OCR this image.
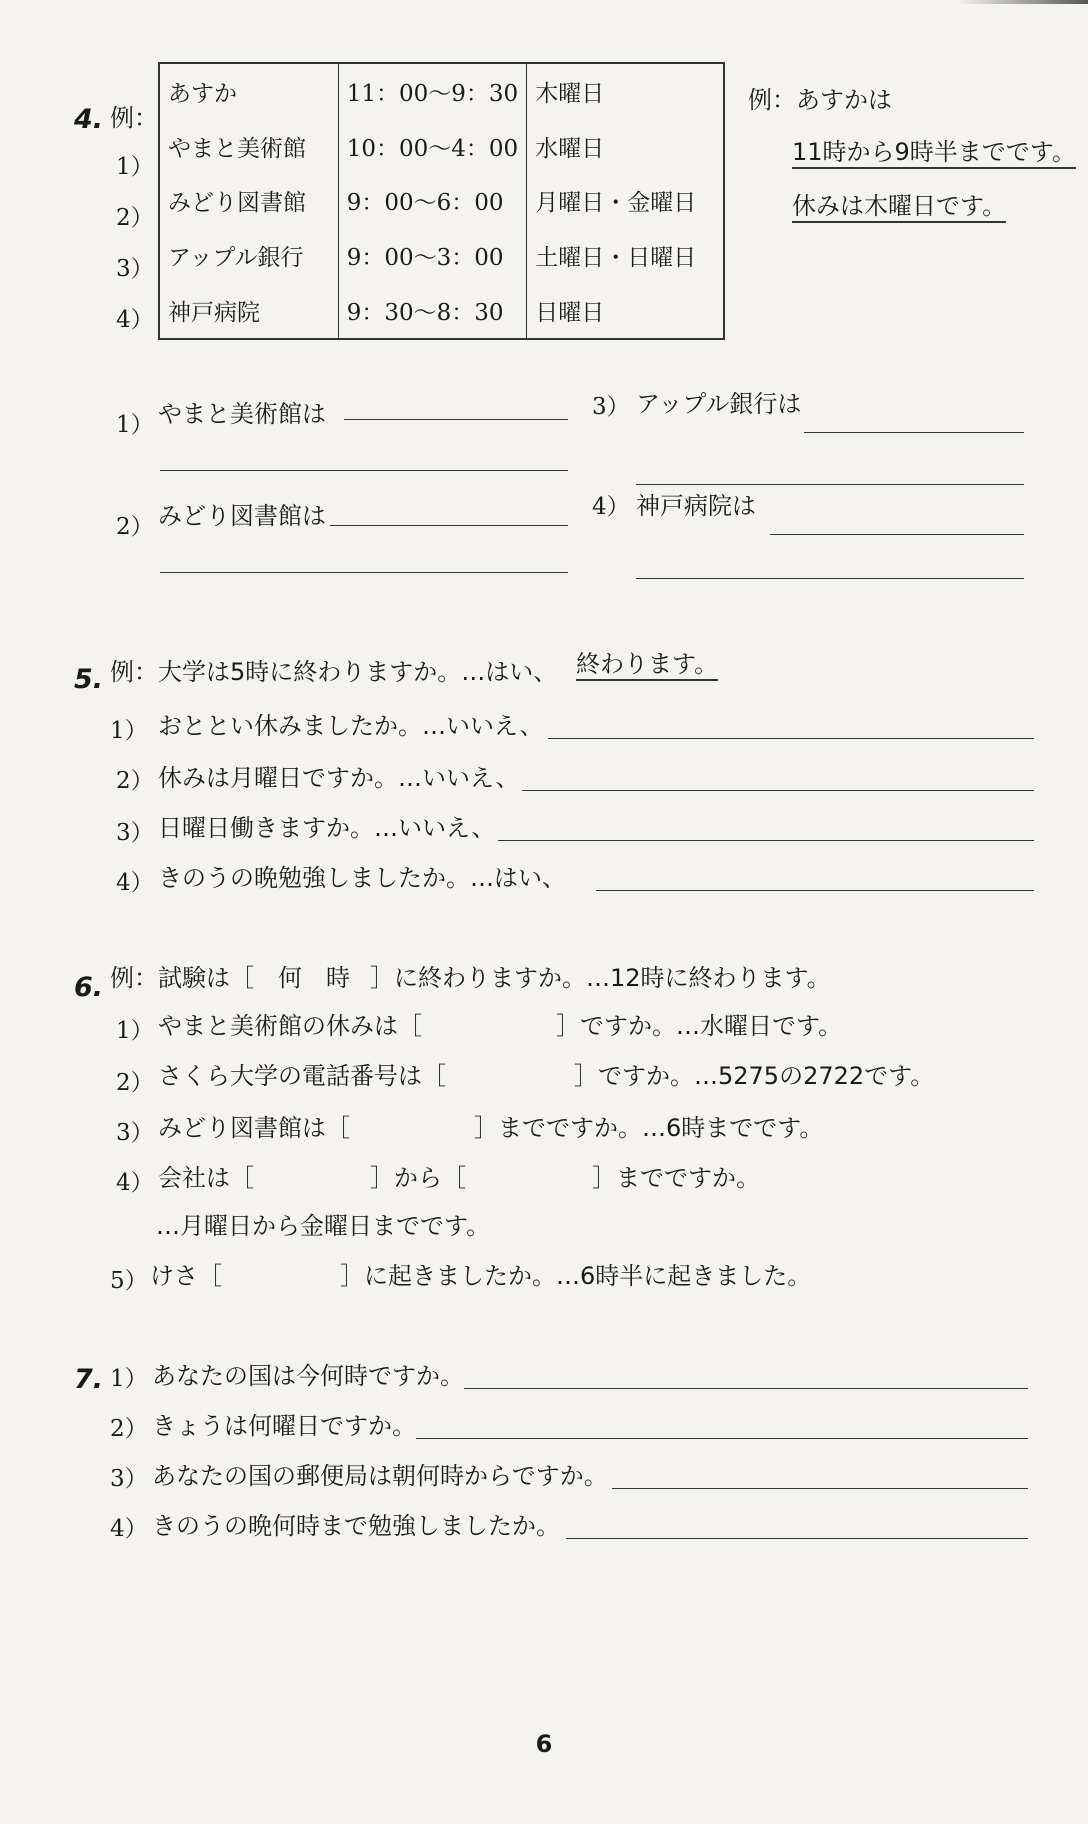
4. 例：
1）
2）
3）
4）
あすか	11：00～9：30	木曜日
やまと美術館	10：00～4：00	水曜日
みどり図書館	9：00～6：00	月曜日・金曜日
アップル銀行	9：00～3：00	土曜日・日曜日
神戸病院	9：30～8：30	日曜日
例：あすかは
11時から9時半までです。
休みは木曜日です。
1） やまと美術館は
2） みどり図書館は
3） アップル銀行は
4） 神戸病院は
5. 例：大学は5時に終わりますか。…はい、 終わります。
1） おととい休みましたか。…いいえ、
2） 休みは月曜日ですか。…いいえ、
3） 日曜日働きますか。…いいえ、
4） きのうの晩勉強しましたか。…はい、
6. 例：試験は［ 何　時 ］に終わりますか。…12時に終わります。
1） やまと美術館の休みは［	］ですか。…水曜日です。
2） さくら大学の電話番号は［	］ですか。…5275の2722です。
3） みどり図書館は［	］までですか。…6時までです。
4） 会社は［	］から［	］までですか。
…月曜日から金曜日までです。
5） けさ［	］に起きましたか。…6時半に起きました。
7. 1） あなたの国は今何時ですか。
2） きょうは何曜日ですか。
3） あなたの国の郵便局は朝何時からですか。
4） きのうの晩何時まで勉強しましたか。
6
